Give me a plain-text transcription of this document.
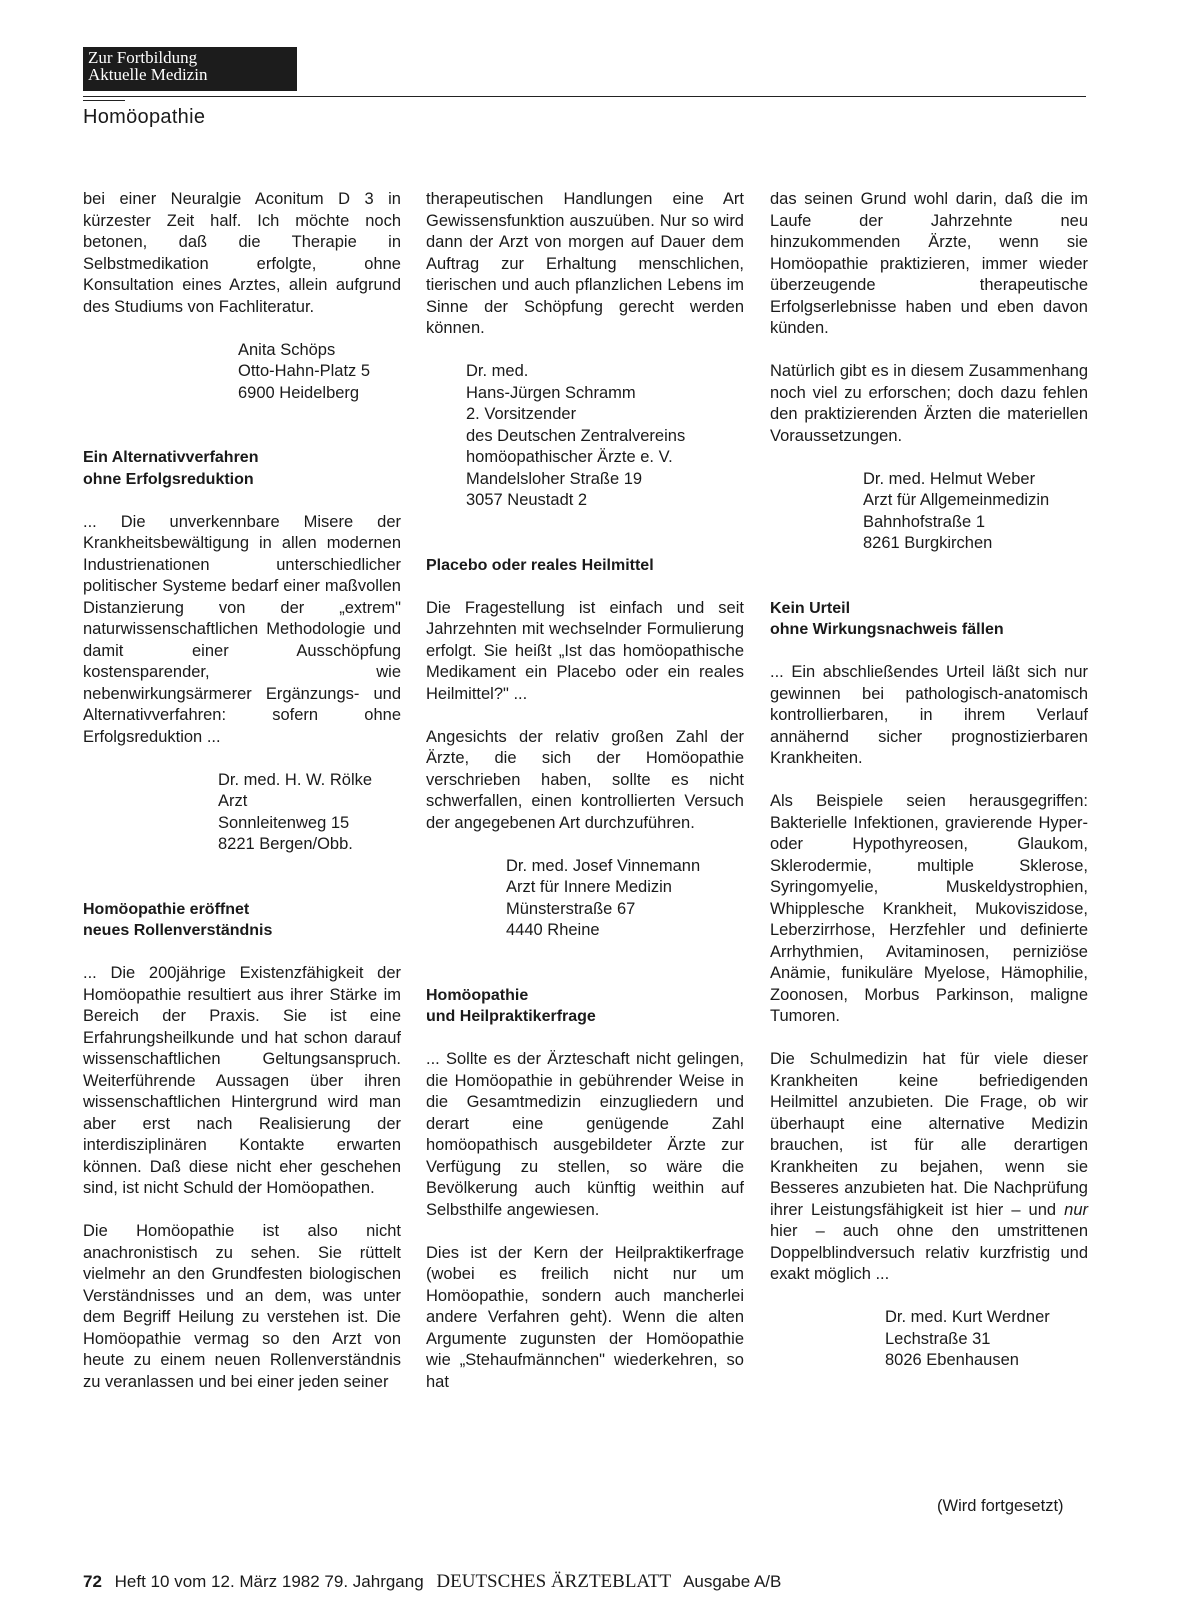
Zur Fortbildung
Aktuelle Medizin
Homöopathie

bei einer Neuralgie Aconitum D 3 in kürzester Zeit half. Ich möchte noch betonen, daß die Therapie in Selbstmedikation erfolgte, ohne Konsultation eines Arztes, allein aufgrund des Studiums von Fachliteratur.

Anita Schöps
Otto-Hahn-Platz 5
6900 Heidelberg
Ein Alternativverfahren
ohne Erfolgsreduktion

... Die unverkennbare Misere der Krankheitsbewältigung in allen modernen Industrienationen unterschiedlicher politischer Systeme bedarf einer maßvollen Distanzierung von der „extrem" naturwissenschaftlichen Methodologie und damit einer Ausschöpfung kostensparender, wie nebenwirkungsärmerer Ergänzungs- und Alternativverfahren: sofern ohne Erfolgsreduktion ...

Dr. med. H. W. Rölke
Arzt
Sonnleitenweg 15
8221 Bergen/Obb.
Homöopathie eröffnet
neues Rollenverständnis

... Die 200jährige Existenzfähigkeit der Homöopathie resultiert aus ihrer Stärke im Bereich der Praxis. Sie ist eine Erfahrungsheilkunde und hat schon darauf wissenschaftlichen Geltungsanspruch. Weiterführende Aussagen über ihren wissenschaftlichen Hintergrund wird man aber erst nach Realisierung der interdisziplinären Kontakte erwarten können. Daß diese nicht eher geschehen sind, ist nicht Schuld der Homöopathen.

Die Homöopathie ist also nicht anachronistisch zu sehen. Sie rüttelt vielmehr an den Grundfesten biologischen Verständnisses und an dem, was unter dem Begriff Heilung zu verstehen ist. Die Homöopathie vermag so den Arzt von heute zu einem neuen Rollenverständnis zu veranlassen und bei einer jeden seiner

therapeutischen Handlungen eine Art Gewissensfunktion auszuüben. Nur so wird dann der Arzt von morgen auf Dauer dem Auftrag zur Erhaltung menschlichen, tierischen und auch pflanzlichen Lebens im Sinne der Schöpfung gerecht werden können.

Dr. med.
Hans-Jürgen Schramm
2. Vorsitzender
des Deutschen Zentralvereins
homöopathischer Ärzte e. V.
Mandelsloher Straße 19
3057 Neustadt 2
Placebo oder reales Heilmittel

Die Fragestellung ist einfach und seit Jahrzehnten mit wechselnder Formulierung erfolgt. Sie heißt „Ist das homöopathische Medikament ein Placebo oder ein reales Heilmittel?" ...

Angesichts der relativ großen Zahl der Ärzte, die sich der Homöopathie verschrieben haben, sollte es nicht schwerfallen, einen kontrollierten Versuch der angegebenen Art durchzuführen.

Dr. med. Josef Vinnemann
Arzt für Innere Medizin
Münsterstraße 67
4440 Rheine
Homöopathie
und Heilpraktikerfrage

... Sollte es der Ärzteschaft nicht gelingen, die Homöopathie in gebührender Weise in die Gesamtmedizin einzugliedern und derart eine genügende Zahl homöopathisch ausgebildeter Ärzte zur Verfügung zu stellen, so wäre die Bevölkerung auch künftig weithin auf Selbsthilfe angewiesen.

Dies ist der Kern der Heilpraktikerfrage (wobei es freilich nicht nur um Homöopathie, sondern auch mancherlei andere Verfahren geht). Wenn die alten Argumente zugunsten der Homöopathie wie „Stehaufmännchen" wiederkehren, so hat

das seinen Grund wohl darin, daß die im Laufe der Jahrzehnte neu hinzukommenden Ärzte, wenn sie Homöopathie praktizieren, immer wieder überzeugende therapeutische Erfolgserlebnisse haben und eben davon künden.

Natürlich gibt es in diesem Zusammenhang noch viel zu erforschen; doch dazu fehlen den praktizierenden Ärzten die materiellen Voraussetzungen.

Dr. med. Helmut Weber
Arzt für Allgemeinmedizin
Bahnhofstraße 1
8261 Burgkirchen
Kein Urteil
ohne Wirkungsnachweis fällen

... Ein abschließendes Urteil läßt sich nur gewinnen bei pathologisch-anatomisch kontrollierbaren, in ihrem Verlauf annähernd sicher prognostizierbaren Krankheiten.

Als Beispiele seien herausgegriffen: Bakterielle Infektionen, gravierende Hyper- oder Hypothyreosen, Glaukom, Sklerodermie, multiple Sklerose, Syringomyelie, Muskeldystrophien, Whipplesche Krankheit, Mukoviszidose, Leberzirrhose, Herzfehler und definierte Arrhythmien, Avitaminosen, perniziöse Anämie, funikuläre Myelose, Hämophilie, Zoonosen, Morbus Parkinson, maligne Tumoren.

Die Schulmedizin hat für viele dieser Krankheiten keine befriedigenden Heilmittel anzubieten. Die Frage, ob wir überhaupt eine alternative Medizin brauchen, ist für alle derartigen Krankheiten zu bejahen, wenn sie Besseres anzubieten hat. Die Nachprüfung ihrer Leistungsfähigkeit ist hier – und nur hier – auch ohne den umstrittenen Doppelblindversuch relativ kurzfristig und exakt möglich ...

Dr. med. Kurt Werdner
Lechstraße 31
8026 Ebenhausen
(Wird fortgesetzt)
72 Heft 10 vom 12. März 1982 79. Jahrgang DEUTSCHES ÄRZTEBLATT Ausgabe A/B
